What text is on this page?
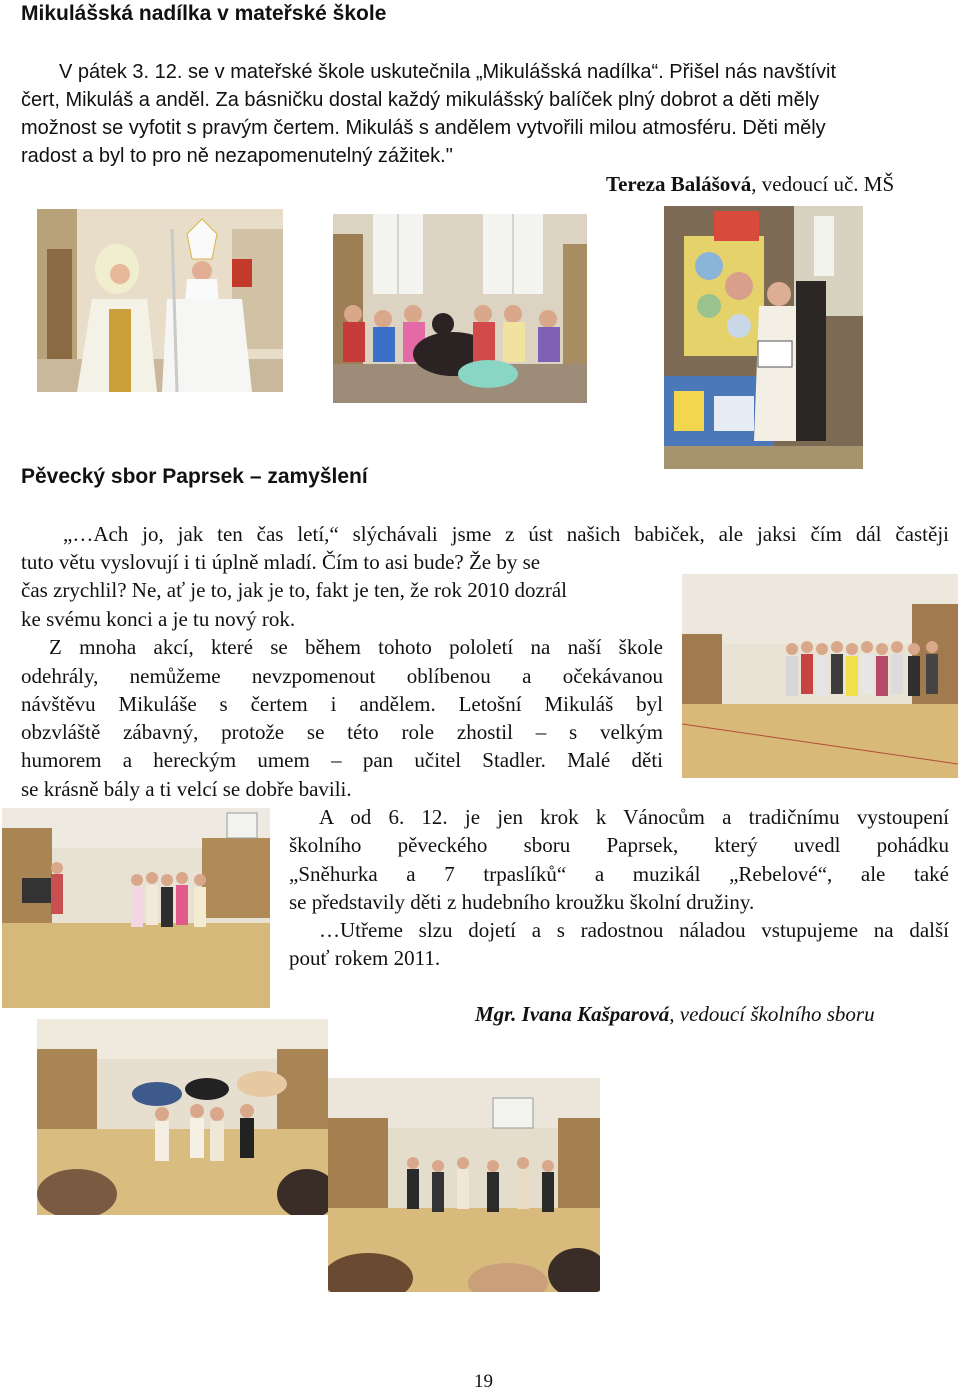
Mikulášská nadílka v mateřské škole
V pátek 3. 12. se v mateřské škole uskutečnila „Mikulášská nadílka“. Přišel nás navštívit
čert, Mikuláš a anděl. Za básničku dostal každý mikulášský balíček plný dobrot a děti měly
možnost se vyfotit s pravým čertem. Mikuláš s andělem vytvořili milou atmosféru. Děti měly
radost a byl to pro ně nezapomenutelný zážitek."
Tereza Balášová, vedoucí uč. MŠ
Pěvecký sbor Paprsek – zamyšlení
„…Ach jo, jak ten čas letí,“ slýchávali jsme z úst našich babiček, ale jaksi čím dál častěji
tuto větu vyslovují i ti úplně mladí. Čím to asi bude? Že by se
čas zrychlil? Ne, ať je to, jak je to, fakt je ten, že rok 2010 dozrál
ke svému konci a je tu nový rok.
Z mnoha akcí, které se během tohoto pololetí na naší škole
odehrály, nemůžeme nevzpomenout oblíbenou a očekávanou
návštěvu Mikuláše s čertem i andělem. Letošní Mikuláš byl
obzvláště zábavný, protože se této role zhostil – s velkým
humorem a hereckým umem – pan učitel Stadler. Malé děti
se krásně bály a ti velcí se dobře bavili.
A od 6. 12. je jen krok k Vánocům a tradičnímu vystoupení
školního pěveckého sboru Paprsek, který uvedl pohádku
„Sněhurka a 7 trpaslíků“ a muzikál „Rebelové“, ale také
se představily děti z hudebního kroužku školní družiny.
…Utřeme slzu dojetí a s radostnou náladou vstupujeme na další
pouť rokem 2011.
Mgr. Ivana Kašparová, vedoucí školního sboru
19
